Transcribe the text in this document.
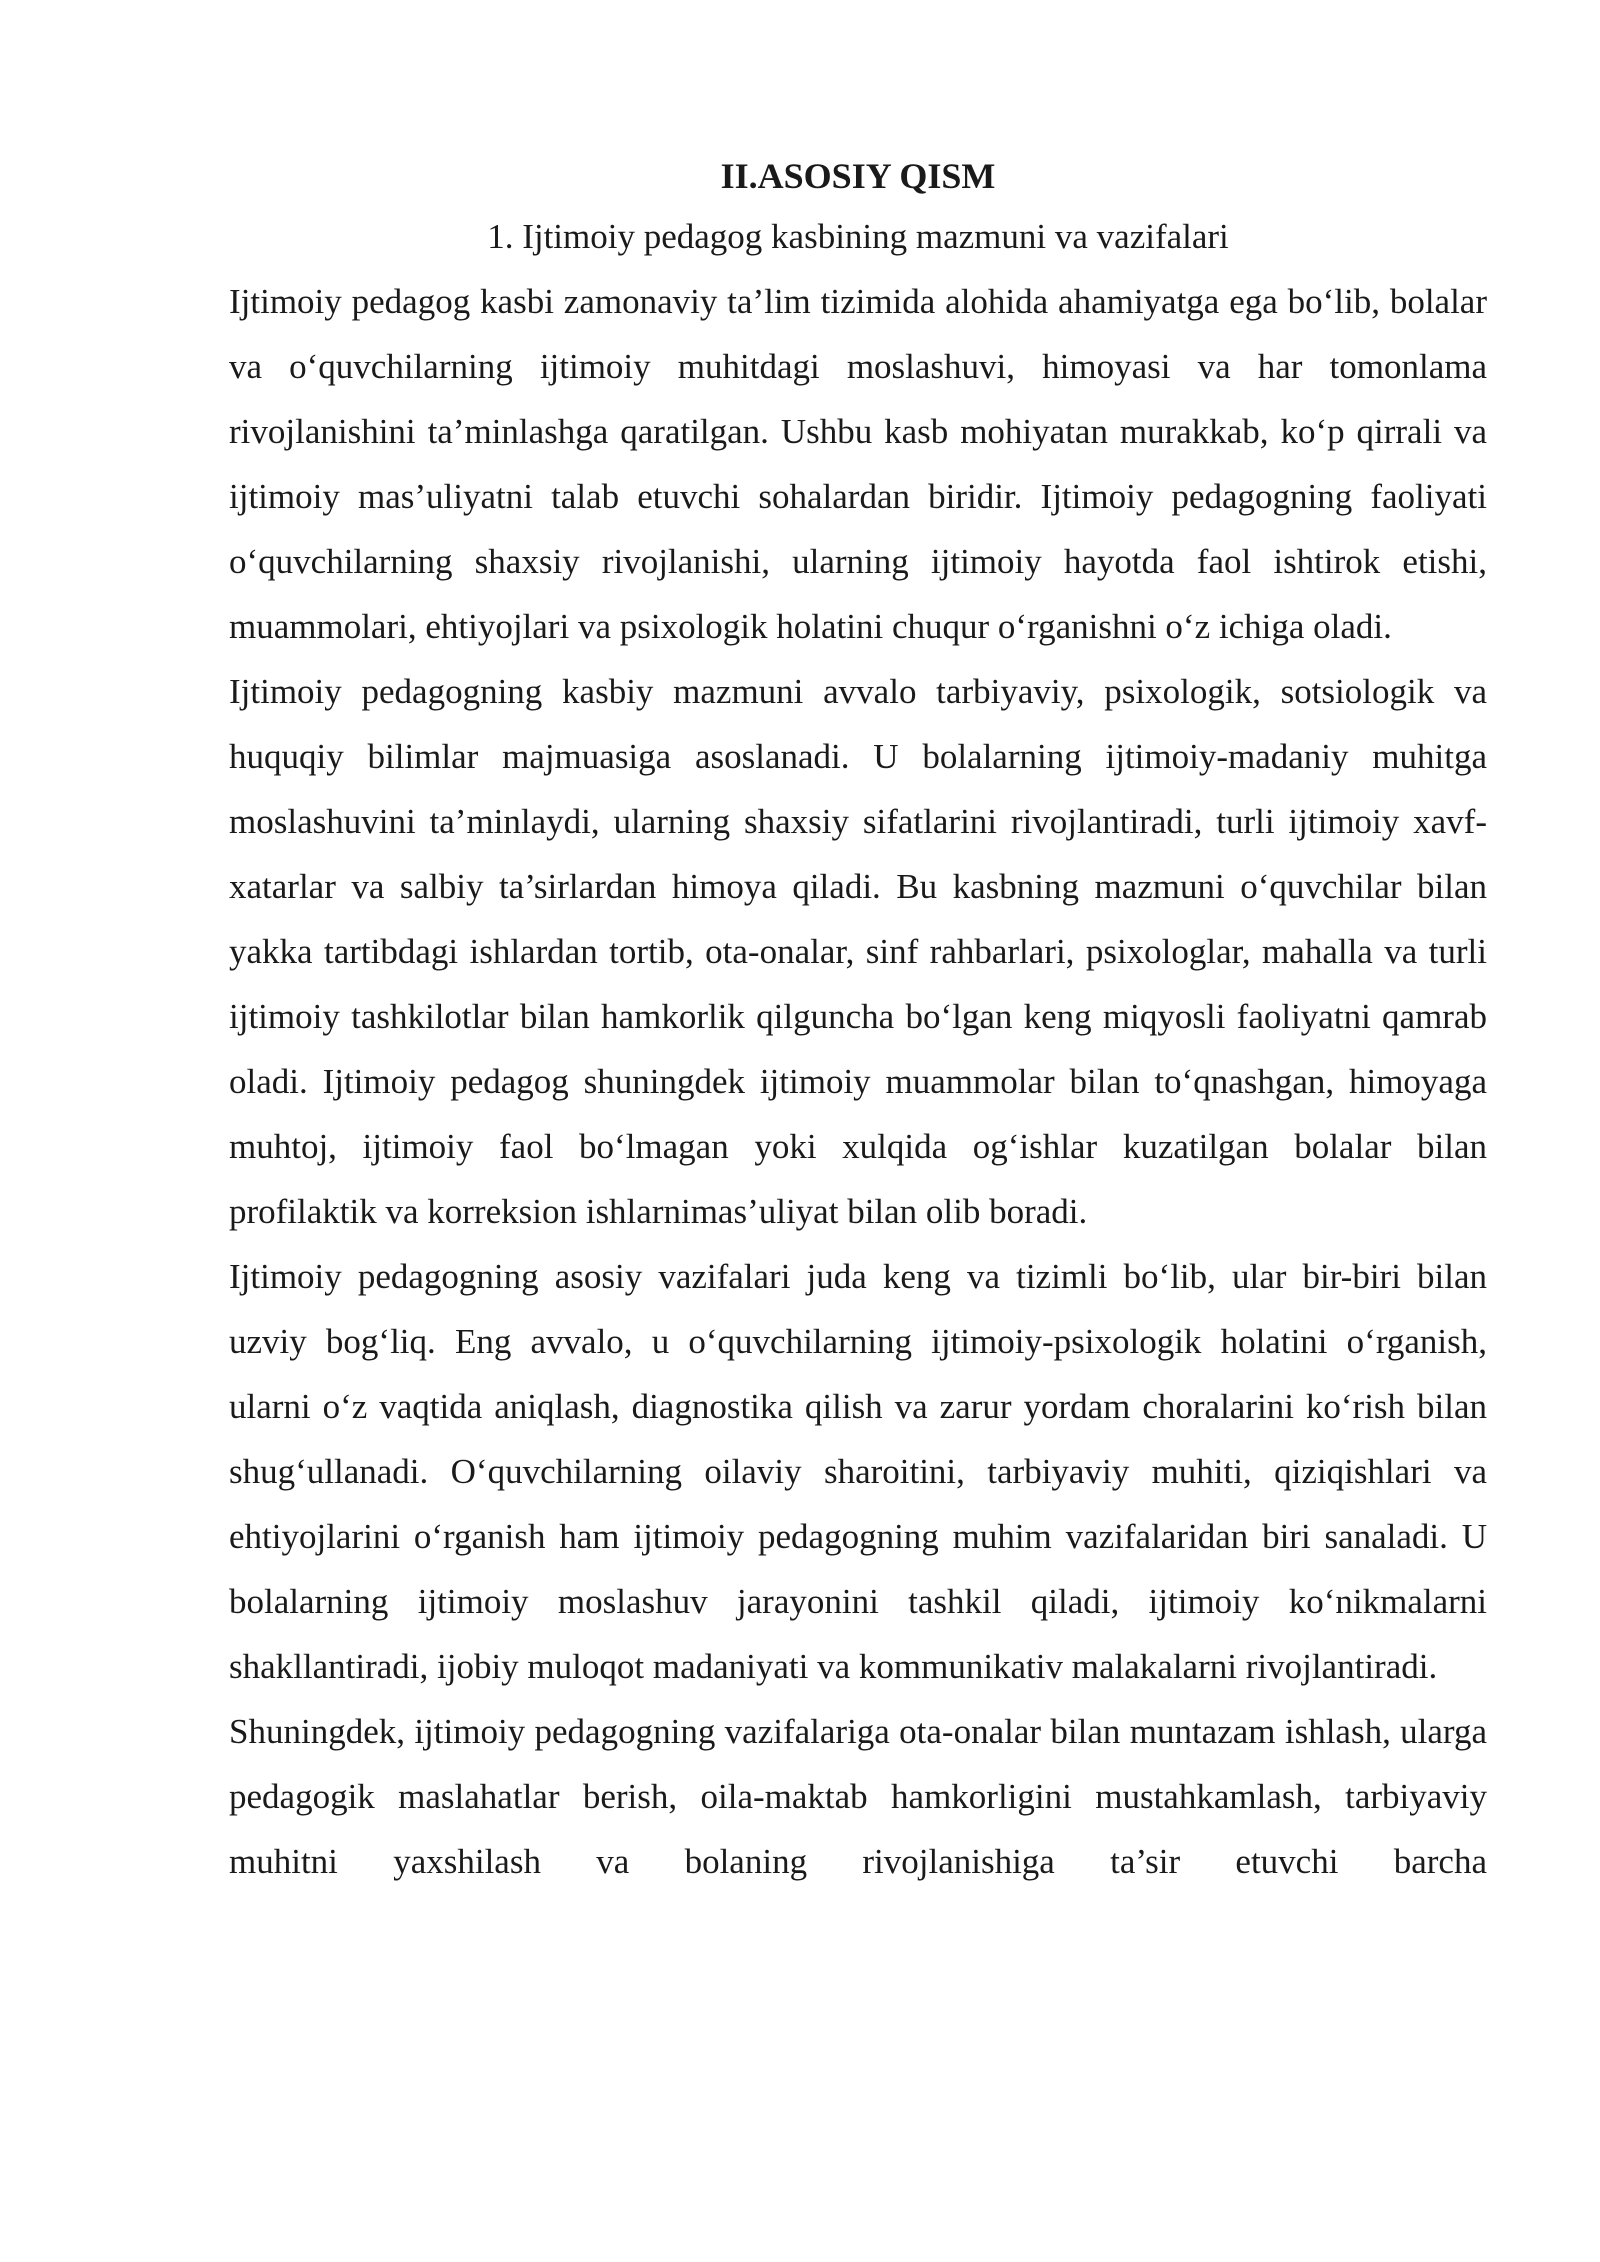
II.ASOSIY QISM
1. Ijtimoiy pedagog kasbining mazmuni va vazifalari

Ijtimoiy pedagog kasbi zamonaviy ta’lim tizimida alohida ahamiyatga ega bo‘lib, bolalar va o‘quvchilarning ijtimoiy muhitdagi moslashuvi, himoyasi va har tomonlama rivojlanishini ta’minlashga qaratilgan. Ushbu kasb mohiyatan murakkab, ko‘p qirrali va ijtimoiy mas’uliyatni talab etuvchi sohalardan biridir. Ijtimoiy pedagogning faoliyati o‘quvchilarning shaxsiy rivojlanishi, ularning ijtimoiy hayotda faol ishtirok etishi, muammolari, ehtiyojlari va psixologik holatini chuqur o‘rganishni o‘z ichiga oladi.

Ijtimoiy pedagogning kasbiy mazmuni avvalo tarbiyaviy, psixologik, sotsiologik va huquqiy bilimlar majmuasiga asoslanadi. U bolalarning ijtimoiy-madaniy muhitga moslashuvini ta’minlaydi, ularning shaxsiy sifatlarini rivojlantiradi, turli ijtimoiy xavf-xatarlar va salbiy ta’sirlardan himoya qiladi. Bu kasbning mazmuni o‘quvchilar bilan yakka tartibdagi ishlardan tortib, ota-onalar, sinf rahbarlari, psixologlar, mahalla va turli ijtimoiy tashkilotlar bilan hamkorlik qilguncha bo‘lgan keng miqyosli faoliyatni qamrab oladi. Ijtimoiy pedagog shuningdek ijtimoiy muammolar bilan to‘qnashgan, himoyaga muhtoj, ijtimoiy faol bo‘lmagan yoki xulqida og‘ishlar kuzatilgan bolalar bilan profilaktik va korreksion ishlarnimas’uliyat bilan olib boradi.

Ijtimoiy pedagogning asosiy vazifalari juda keng va tizimli bo‘lib, ular bir-biri bilan uzviy bog‘liq. Eng avvalo, u o‘quvchilarning ijtimoiy-psixologik holatini o‘rganish, ularni o‘z vaqtida aniqlash, diagnostika qilish va zarur yordam choralarini ko‘rish bilan shug‘ullanadi. O‘quvchilarning oilaviy sharoitini, tarbiyaviy muhiti, qiziqishlari va ehtiyojlarini o‘rganish ham ijtimoiy pedagogning muhim vazifalaridan biri sanaladi. U bolalarning ijtimoiy moslashuv jarayonini tashkil qiladi, ijtimoiy ko‘nikmalarni shakllantiradi, ijobiy muloqot madaniyati va kommunikativ malakalarni rivojlantiradi.

Shuningdek, ijtimoiy pedagogning vazifalariga ota-onalar bilan muntazam ishlash, ularga pedagogik maslahatlar berish, oila-maktab hamkorligini mustahkamlash, tarbiyaviy muhitni yaxshilash va bolaning rivojlanishiga ta’sir etuvchi barcha
